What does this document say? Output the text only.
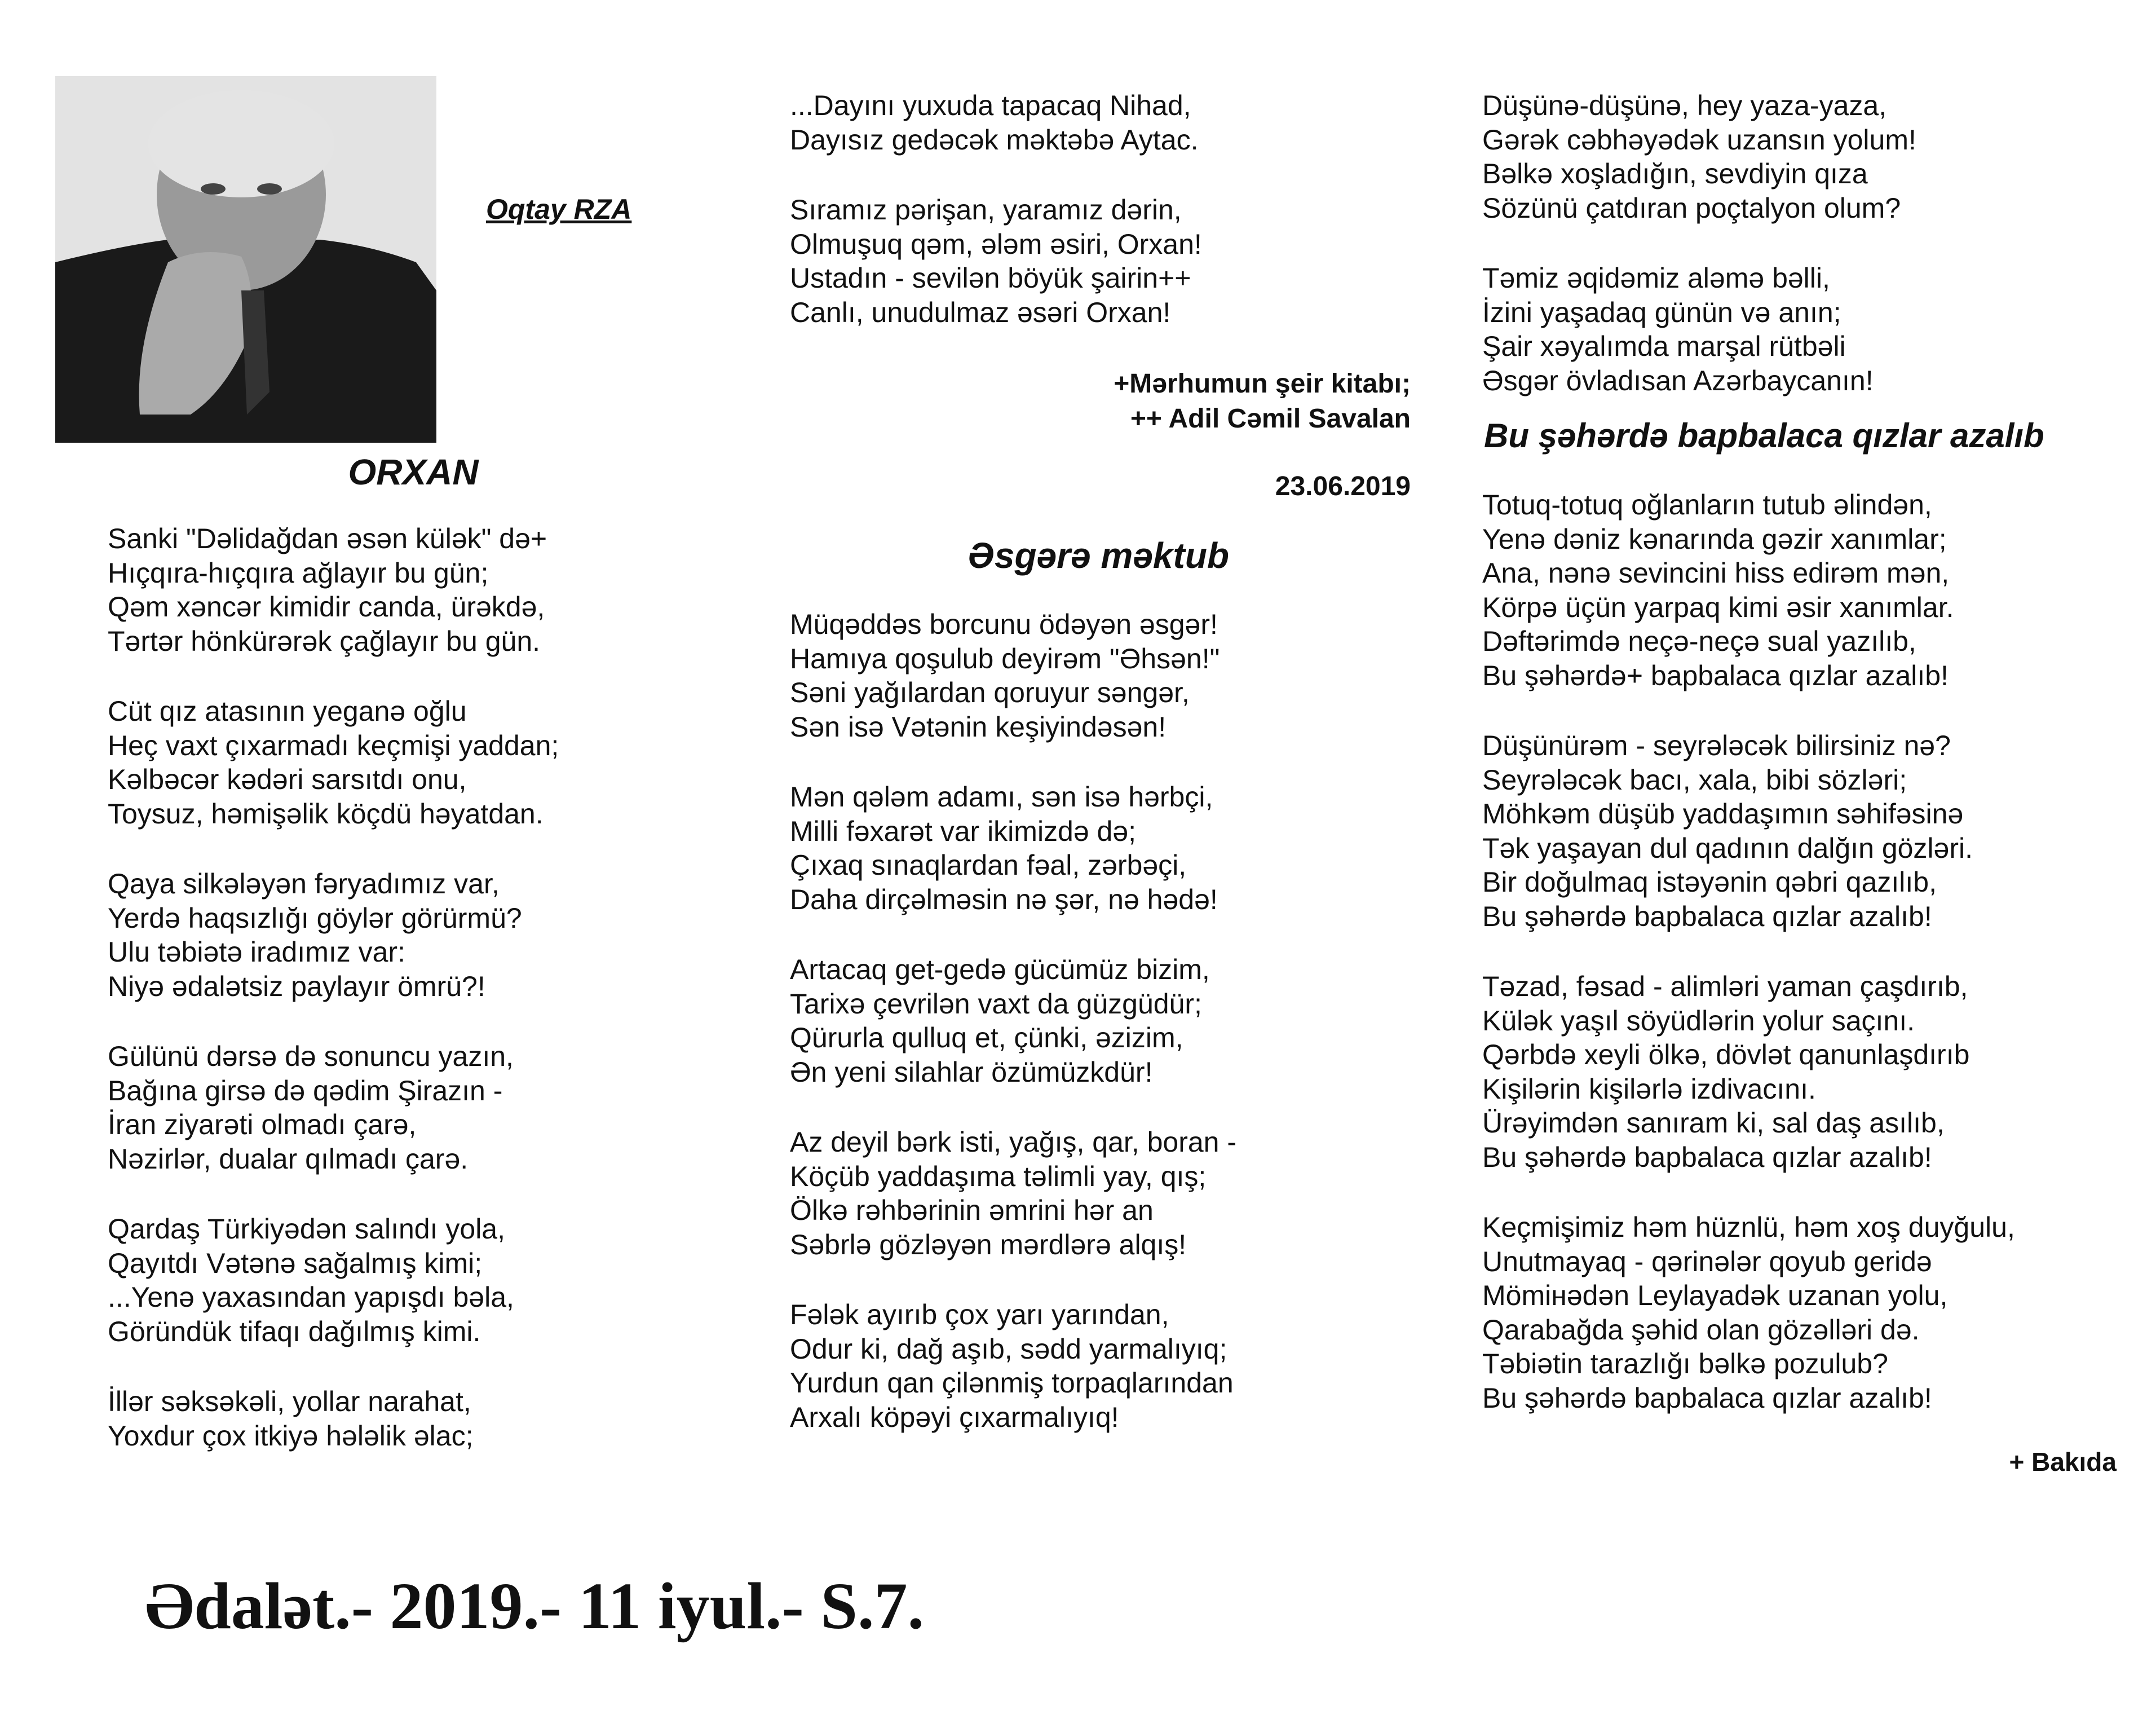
Oqtay RZA
ORXAN
Sanki "Dəlidağdan əsən külək" də+
Hıçqıra-hıçqıra ağlayır bu gün;
Qəm xəncər kimidir canda, ürəkdə,
Tərtər hönkürərək çağlayır bu gün.
Cüt qız atasının yeganə oğlu
Heç vaxt çıxarmadı keçmişi yaddan;
Kəlbəcər kədəri sarsıtdı onu,
Toysuz, həmişəlik köçdü həyatdan.
Qaya silkələyən fəryadımız var,
Yerdə haqsızlığı göylər görürmü?
Ulu təbiətə iradımız var:
Niyə ədalətsiz paylayır ömrü?!
Gülünü dərsə də sonuncu yazın,
Bağına girsə də qədim Şirazın -
İran ziyarəti olmadı çarə,
Nəzirlər, dualar qılmadı çarə.
Qardaş Türkiyədən salındı yola,
Qayıtdı Vətənə sağalmış kimi;
...Yenə yaxasından yapışdı bəla,
Göründük tifaqı dağılmış kimi.
İllər səksəkəli, yollar narahat,
Yoxdur çox itkiyə hələlik əlac;
...Dayını yuxuda tapacaq Nihad,
Dayısız gedəcək məktəbə Aytac.
Sıramız pərişan, yaramız dərin,
Olmuşuq qəm, ələm əsiri, Orxan!
Ustadın - sevilən böyük şairin++
Canlı, unudulmaz əsəri Orxan!
+Mərhumun şeir kitabı;
++ Adil Cəmil Savalan
23.06.2019
Əsgərə məktub
Müqəddəs borcunu ödəyən əsgər!
Hamıya qoşulub deyirəm "Əhsən!"
Səni yağılardan qoruyur səngər,
Sən isə Vətənin keşiyindəsən!
Mən qələm adamı, sən isə hərbçi,
Milli fəxarət var ikimizdə də;
Çıxaq sınaqlardan fəal, zərbəçi,
Daha dirçəlməsin nə şər, nə hədə!
Artacaq get-gedə gücümüz bizim,
Tarixə çevrilən vaxt da güzgüdür;
Qürurla qulluq et, çünki, əzizim,
Ən yeni silahlar özümüzkdür!
Az deyil bərk isti, yağış, qar, boran -
Köçüb yaddaşıma təlimli yay, qış;
Ölkə rəhbərinin əmrini hər an
Səbrlə gözləyən mərdlərə alqış!
Fələk ayırıb çox yarı yarından,
Odur ki, dağ aşıb, sədd yarmalıyıq;
Yurdun qan çilənmiş torpaqlarından
Arxalı köpəyi çıxarmalıyıq!
Düşünə-düşünə, hey yaza-yaza,
Gərək cəbhəyədək uzansın yolum!
Bəlkə xoşladığın, sevdiyin qıza
Sözünü çatdıran poçtalyon olum?
Təmiz əqidəmiz aləmə bəlli,
İzini yaşadaq günün və anın;
Şair xəyalımda marşal rütbəli
Əsgər övladısan Azərbaycanın!
Bu şəhərdə bapbalaca qızlar azalıb
Totuq-totuq oğlanların tutub əlindən,
Yenə dəniz kənarında gəzir xanımlar;
Ana, nənə sevincini hiss edirəm mən,
Körpə üçün yarpaq kimi əsir xanımlar.
Dəftərimdə neçə-neçə sual yazılıb,
Bu şəhərdə+ bapbalaca qızlar azalıb!
Düşünürəm - seyrələcək bilirsiniz nə?
Seyrələcək bacı, xala, bibi sözləri;
Möhkəm düşüb yaddaşımın səhifəsinə
Tək yaşayan dul qadının dalğın gözləri.
Bir doğulmaq istəyənin qəbri qazılıb,
Bu şəhərdə bapbalaca qızlar azalıb!
Təzad, fəsad - alimləri yaman çaşdırıb,
Külək yaşıl söyüdlərin yolur saçını.
Qərbdə xeyli ölkə, dövlət qanunlaşdırıb
Kişilərin kişilərlə izdivacını.
Ürəyimdən sanıram ki, sal daş asılıb,
Bu şəhərdə bapbalaca qızlar azalıb!
Keçmişimiz həm hüznlü, həm xoş duyğulu,
Unutmayaq - qərinələr qoyub geridə
Mömінədən Leylayadək uzanan yolu,
Qarabağda şəhid olan gözəlləri də.
Təbiətin tarazlığı bəlkə pozulub?
Bu şəhərdə bapbalaca qızlar azalıb!
+ Bakıda
Ədalət.- 2019.- 11 iyul.- S.7.
